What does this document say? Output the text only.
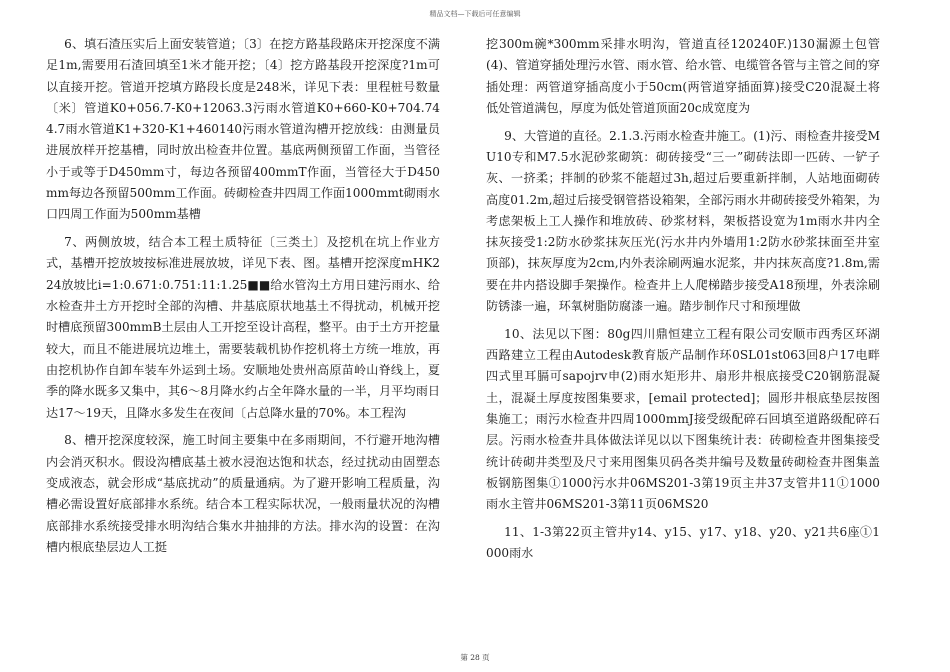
精品文档—下载后可任意编辑

6、填石渣压实后上面安装管道；〔3〕在挖方路基段路床开挖深度不满足1m,需要用石渣回填至1米才能开挖；〔4〕挖方路基段开挖深度?1m可以直接开挖。管道开挖填方路段长度是248米，详见下表：里程桩号数量〔米〕管道K0+056.7-K0+12063.3污雨水管道K0+660-K0+704.744.7雨水管道K1+320-K1+460140污雨水管道沟槽开挖放线：由测量员进展放样开挖基槽，同时放出检查井位置。基底两侧预留工作面，当管径小于或等于D450mm寸，每边各预留400mmT作面，当管径大于D450mm每边各预留500mm工作面。砖砌检查井四周工作面1000mmt砌雨水口四周工作面为500mm基槽

7、两侧放坡，结合本工程土质特征〔三类土〕及挖机在坑上作业方式，基槽开挖放坡按标准进展放坡，详见下表、图。基槽开挖深度mHK224放坡比i=1:0.671:0.751:11:1.25■■给水管沟土方用日建污雨水、给水检查井土方开挖时全部的沟槽、井基底原状地基土不得扰动，机械开挖时槽底预留300mmB土层由人工开挖至设计高程，整平。由于土方开挖量较大，而且不能进展坑边堆土，需要装载机协作挖机将土方统一堆放，再由挖机协作自卸车装车外运到土场。安顺地处贵州高原苗岭山脊线上，夏季的降水既多又集中，其6～8月降水约占全年降水量的一半，月平均雨日达17～19天，且降水多发生在夜间〔占总降水量的70%。本工程沟

8、槽开挖深度较深，施工时间主要集中在多雨期间，不行避开地沟槽内会消灭积水。假设沟槽底基土被水浸泡达饱和状态，经过扰动由固塑态变成液态，就会形成“基底扰动”的质量通病。为了避开影响工程质量，沟槽必需设置好底部排水系统。结合本工程实际状况，一般雨量状况的沟槽底部排水系统接受排水明沟结合集水井抽排的方法。排水沟的设置：在沟槽内根底垫层边人工挺

挖300m碗*300mm采排水明沟，管道直径120240F.)130漏源土包管(4)、管道穿插处理污水管、雨水管、给水管、电缆管各管与主管之间的穿插处理：两管道穿插高度小于50cm(两管道穿插面算)接受C20混凝土将低处管道满包，厚度为低处管道顶面20c成宽度为

9、大管道的直径。2.1.3.污雨水检查井施工。(1)污、雨检查井接受MU10专和M7.5水泥砂浆砌筑：砌砖接受“三一”砌砖法即一匹砖、一铲子灰、一挤柔；拌制的砂浆不能超过3h,超过后要重新拌制，人站地面砌砖高度01.2m,超过后接受钢管搭设箱架，全部污雨水井砌砖接受外箱架，为考虑架板上工人操作和堆放砖、砂浆材料，架板搭设宽为1m雨水井内全抹灰接受1:2防水砂浆抹灰压光(污水井内外墙用1:2防水砂浆抹面至井室顶部)，抹灰厚度为2cm,内外表涂刷两遍水泥浆，井内抹灰高度?1.8m,需要在井内搭设脚手架操作。检查井上人爬梯踏步接受A18预埋，外表涂刷防锈漆一遍，环氧树脂防腐漆一遍。踏步制作尺寸和预埋做

10、法见以下图：80g四川鼎恒建立工程有限公司安顺市西秀区环湖西路建立工程由Autodesk教育版产品制作环0SL01st063回8户17电畔四式里耳膈可sapojrv申(2)雨水矩形井、扇形井根底接受C20钢筋混凝土，混凝土厚度按图集要求，[email protected]；圆形井根底垫层按图集施工；雨污水检查井四周1000mmJ接受级配碎石回填至道路级配碎石层。污雨水检查井具体做法详见以以下图集统计表：砖砌检查井图集接受统计砖砌井类型及尺寸来用图集贝码各类井编号及数量砖砌检查井图集盖板钢筋图集①1000污水井06MS201-3第19页主井37支管井11①1000雨水主管井06MS201-3第11页06MS20

11、1-3第22页主管井y14、y15、y17、y18、y20、y21共6座①1000雨水

第 28 页
